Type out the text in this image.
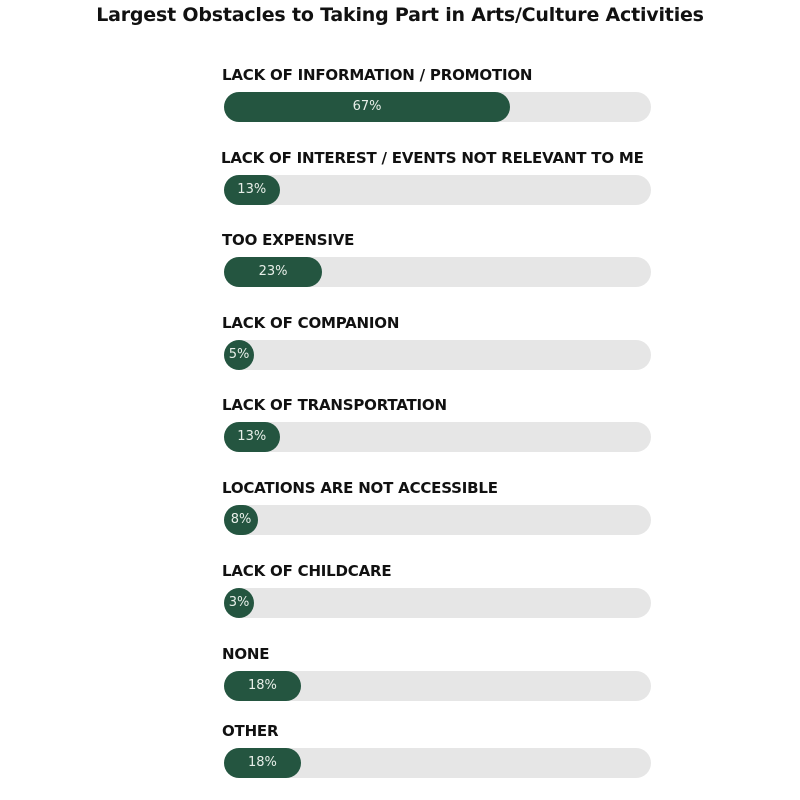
Largest Obstacles to Taking Part in Arts/Culture Activities
LACK OF INFORMATION / PROMOTION
67%
LACK OF INTEREST / EVENTS NOT RELEVANT TO ME
13%
TOO EXPENSIVE
23%
LACK OF COMPANION
5%
LACK OF TRANSPORTATION
13%
LOCATIONS ARE NOT ACCESSIBLE
8%
LACK OF CHILDCARE
3%
NONE
18%
OTHER
18%
